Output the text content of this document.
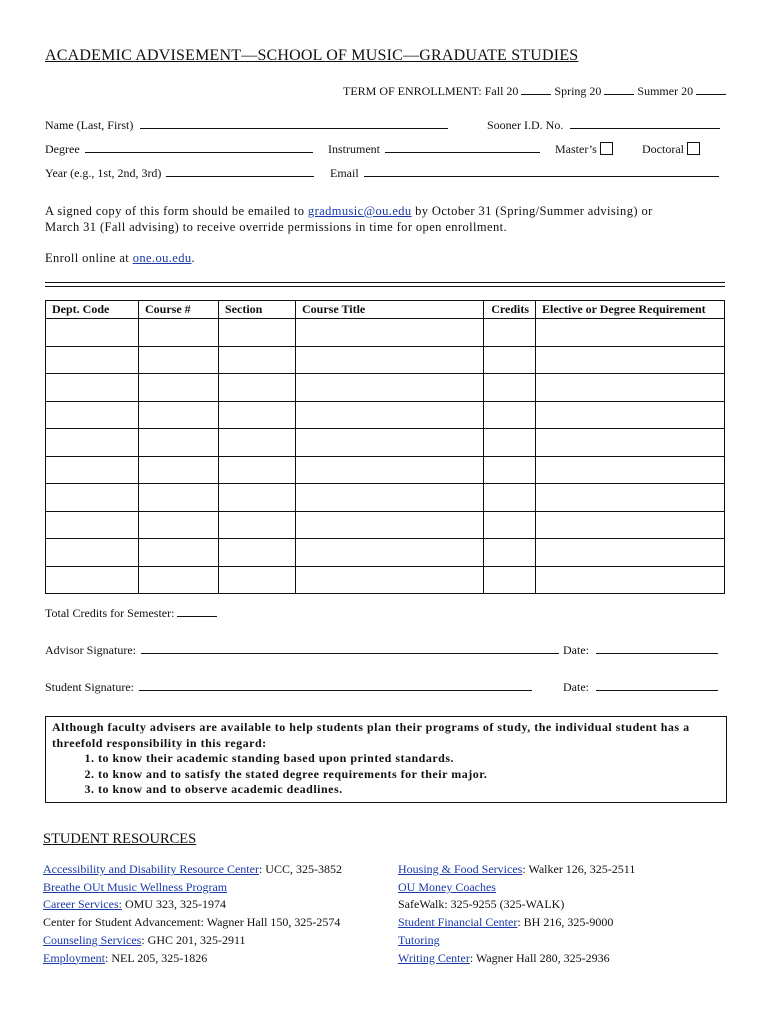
ACADEMIC ADVISEMENT—SCHOOL OF MUSIC—GRADUATE STUDIES
TERM OF ENROLLMENT: Fall 20	Spring 20	Summer 20
Name (Last, First)	Sooner I.D. No.
Degree	Instrument	Master’s	Doctoral
Year (e.g., 1st, 2nd, 3rd)	Email
A signed copy of this form should be emailed to gradmusic@ou.edu by October 31 (Spring/Summer advising) or
March 31 (Fall advising) to receive override permissions in time for open enrollment.
Enroll online at one.ou.edu.
Dept. Code	Course #	Section	Course Title	Credits	Elective or Degree Requirement

Total Credits for Semester:
Advisor Signature:	Date:
Student Signature:	Date:
Although faculty advisers are available to help students plan their programs of study, the individual student has a threefold responsibility in this regard:
1. to know their academic standing based upon printed standards.
2. to know and to satisfy the stated degree requirements for their major.
3. to know and to observe academic deadlines.
STUDENT RESOURCES
Accessibility and Disability Resource Center: UCC, 325-3852
Breathe OUt Music Wellness Program
Career Services: OMU 323, 325-1974
Center for Student Advancement: Wagner Hall 150, 325-2574
Counseling Services: GHC 201, 325-2911
Employment: NEL 205, 325-1826
Housing & Food Services: Walker 126, 325-2511
OU Money Coaches
SafeWalk: 325-9255 (325-WALK)
Student Financial Center: BH 216, 325-9000
Tutoring
Writing Center: Wagner Hall 280, 325-2936
